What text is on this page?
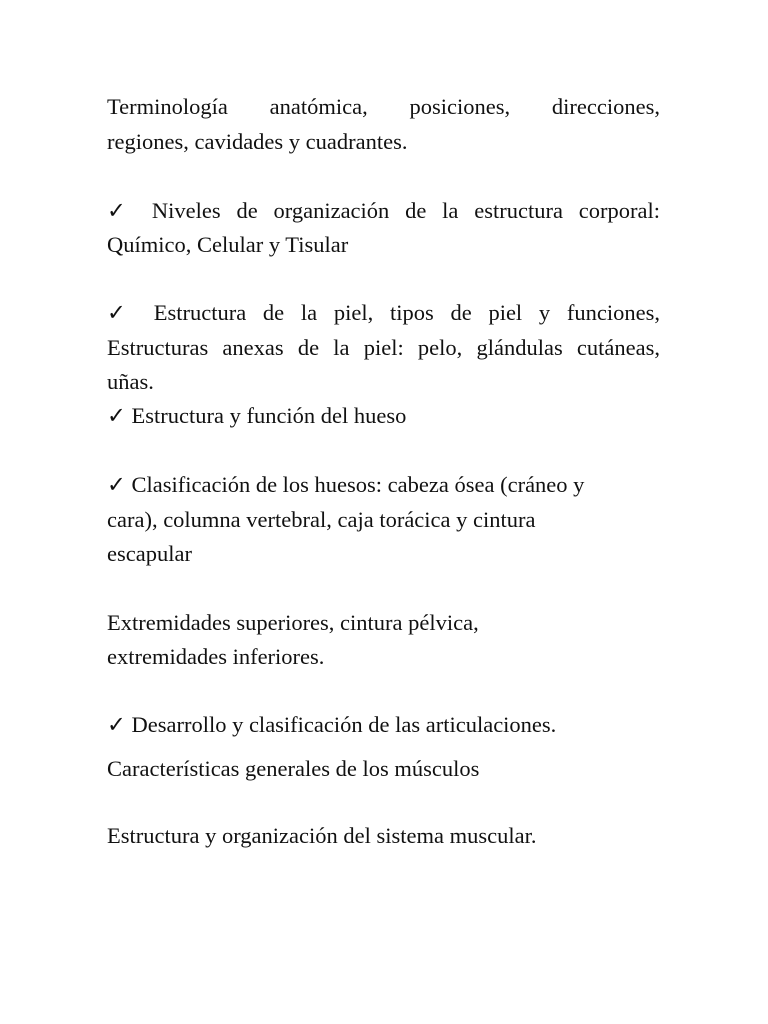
Terminología anatómica, posiciones, direcciones,
regiones, cavidades y cuadrantes.
✓ Niveles de organización de la estructura corporal:
Químico, Celular y Tisular
✓ Estructura de la piel, tipos de piel y funciones,
Estructuras anexas de la piel: pelo, glándulas cutáneas,
uñas.
✓ Estructura y función del hueso
✓ Clasificación de los huesos: cabeza ósea (cráneo y
cara), columna vertebral, caja torácica y cintura
escapular
Extremidades superiores, cintura pélvica,
extremidades inferiores.
✓ Desarrollo y clasificación de las articulaciones.
Características generales de los músculos
Estructura y organización del sistema muscular.
